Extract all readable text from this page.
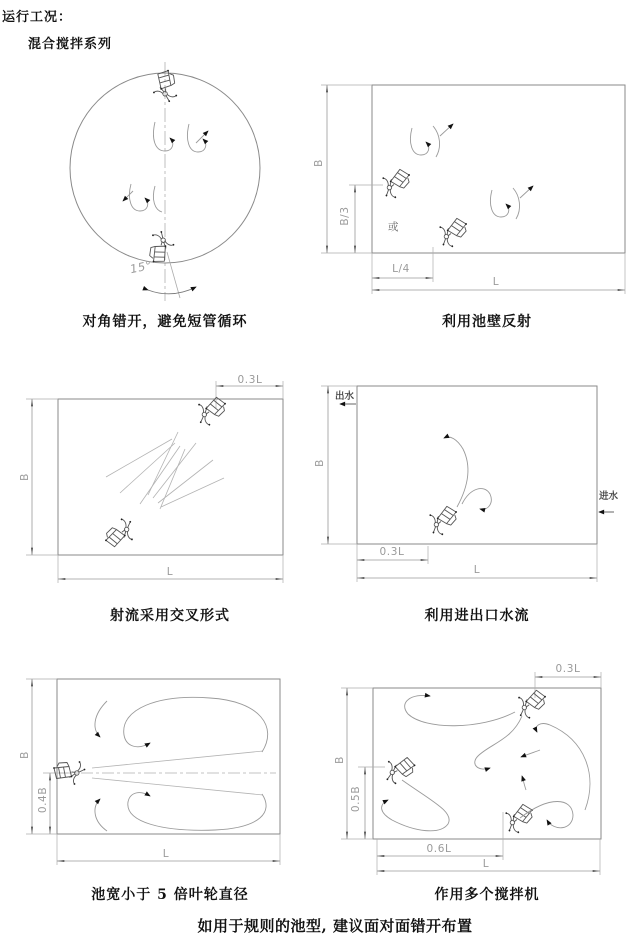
运行工况：
混合搅拌系列
15°
对角错开，避免短管循环
B
B/3
L/4
L
或
利用池壁反射
0.3L
B
L
射流采用交叉形式
出水
进水
B
0.3L
L
利用进出口水流
B
0.4B
L
池宽小于 5 倍叶轮直径
0.3L
B
0.5B
0.6L
L
作用多个搅拌机
如用于规则的池型, 建议面对面错开布置
